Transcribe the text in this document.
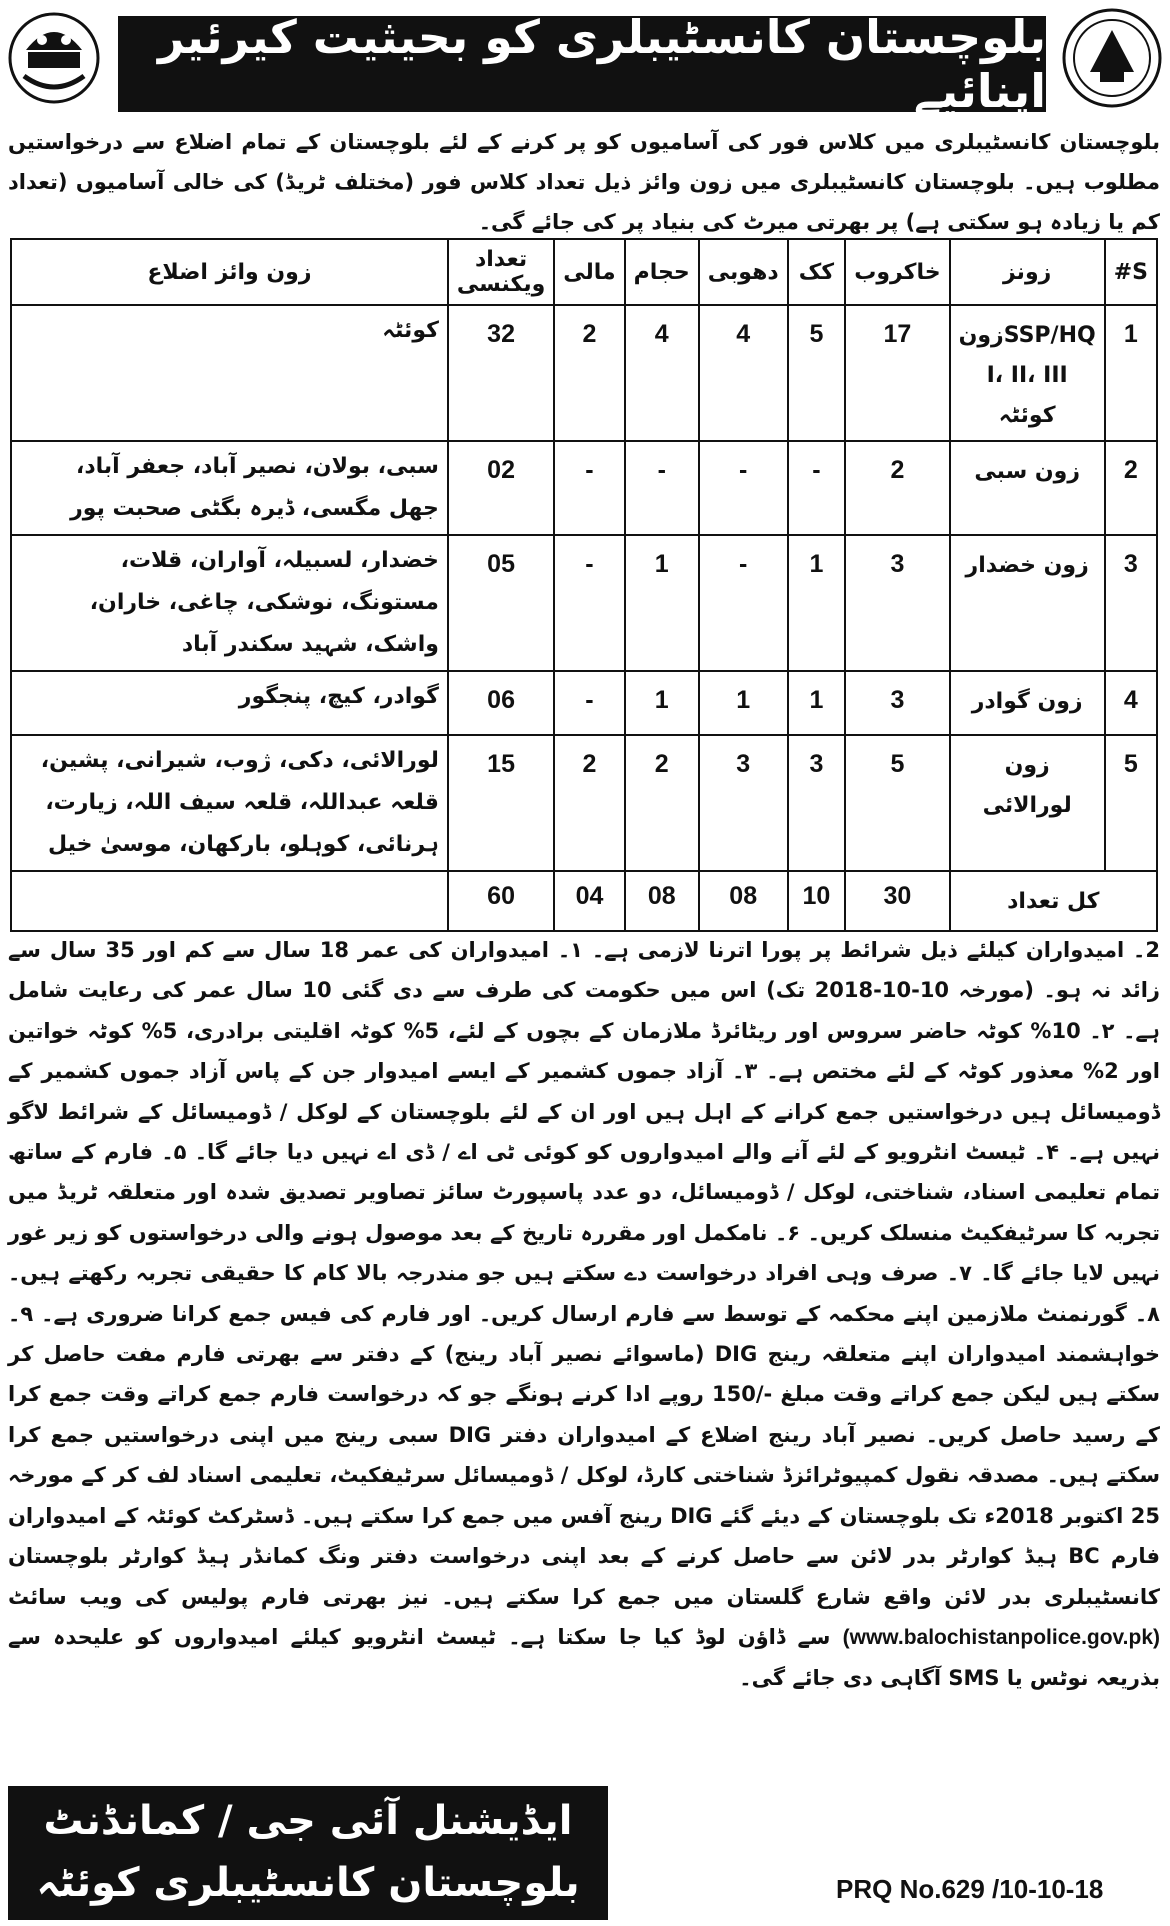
بلوچستان کانسٹیبلری کو بحیثیت کیرئیر اپنائیے
بلوچستان کانسٹیبلری میں کلاس فور کی آسامیوں کو پر کرنے کے لئے بلوچستان کے تمام اضلاع سے درخواستیں مطلوب ہیں۔ بلوچستان کانسٹیبلری میں زون وائز ذیل تعداد کلاس فور (مختلف ٹریڈ) کی خالی آسامیوں (تعداد کم یا زیادہ ہو سکتی ہے) پر بھرتی میرٹ کی بنیاد پر کی جائے گی۔
S#	زونز	خاکروب	کک	دھوبی	حجام	مالی	تعداد ویکنسی	زون وائز اضلاع
1	SSP/HQزون I، II، III کوئٹہ	17	5	4	4	2	32	کوئٹہ
2	زون سبی	2	-	-	-	-	02	سبی، بولان، نصیر آباد، جعفر آباد، جھل مگسی، ڈیرہ بگٹی صحبت پور
3	زون خضدار	3	1	-	1	-	05	خضدار، لسبیلہ، آواران، قلات، مستونگ، نوشکی، چاغی، خاران، واشک، شہید سکندر آباد
4	زون گوادر	3	1	1	1	-	06	گوادر، کیچ، پنجگور
5	زون لورالائی	5	3	3	2	2	15	لورالائی، دکی، ژوب، شیرانی، پشین، قلعہ عبداللہ، قلعہ سیف اللہ، زیارت، ہرنائی، کوہلو، بارکھان، موسیٰ خیل
کل تعداد		30	10	08	08	04	60	
2۔ امیدواران کیلئے ذیل شرائط پر پورا اترنا لازمی ہے۔ ۱۔ امیدواران کی عمر 18 سال سے کم اور 35 سال سے زائد نہ ہو۔ (مورخہ 10-10-2018 تک) اس میں حکومت کی طرف سے دی گئی 10 سال عمر کی رعایت شامل ہے۔ ۲۔ 10% کوٹہ حاضر سروس اور ریٹائرڈ ملازمان کے بچوں کے لئے، 5% کوٹہ اقلیتی برادری، 5% کوٹہ خواتین اور 2% معذور کوٹہ کے لئے مختص ہے۔ ۳۔ آزاد جموں کشمیر کے ایسے امیدوار جن کے پاس آزاد جموں کشمیر کے ڈومیسائل ہیں درخواستیں جمع کرانے کے اہل ہیں اور ان کے لئے بلوچستان کے لوکل / ڈومیسائل کے شرائط لاگو نہیں ہے۔ ۴۔ ٹیسٹ انٹرویو کے لئے آنے والے امیدواروں کو کوئی ٹی اے / ڈی اے نہیں دیا جائے گا۔ ۵۔ فارم کے ساتھ تمام تعلیمی اسناد، شناختی، لوکل / ڈومیسائل، دو عدد پاسپورٹ سائز تصاویر تصدیق شدہ اور متعلقہ ٹریڈ میں تجربہ کا سرٹیفکیٹ منسلک کریں۔ ۶۔ نامکمل اور مقررہ تاریخ کے بعد موصول ہونے والی درخواستوں کو زیر غور نہیں لایا جائے گا۔ ۷۔ صرف وہی افراد درخواست دے سکتے ہیں جو مندرجہ بالا کام کا حقیقی تجربہ رکھتے ہیں۔ ۸۔ گورنمنٹ ملازمین اپنے محکمہ کے توسط سے فارم ارسال کریں۔ اور فارم کی فیس جمع کرانا ضروری ہے۔ ۹۔ خواہشمند امیدواران اپنے متعلقہ رینج DIG (ماسوائے نصیر آباد رینج) کے دفتر سے بھرتی فارم مفت حاصل کر سکتے ہیں لیکن جمع کراتے وقت مبلغ -/150 روپے ادا کرنے ہونگے جو کہ درخواست فارم جمع کراتے وقت جمع کرا کے رسید حاصل کریں۔ نصیر آباد رینج اضلاع کے امیدواران دفتر DIG سبی رینج میں اپنی درخواستیں جمع کرا سکتے ہیں۔ مصدقہ نقول کمپیوٹرائزڈ شناختی کارڈ، لوکل / ڈومیسائل سرٹیفکیٹ، تعلیمی اسناد لف کر کے مورخہ 25 اکتوبر 2018ء تک بلوچستان کے دیئے گئے DIG رینج آفس میں جمع کرا سکتے ہیں۔ ڈسٹرکٹ کوئٹہ کے امیدواران فارم BC ہیڈ کوارٹر بدر لائن سے حاصل کرنے کے بعد اپنی درخواست دفتر ونگ کمانڈر ہیڈ کوارٹر بلوچستان کانسٹیبلری بدر لائن واقع شارع گلستان میں جمع کرا سکتے ہیں۔ نیز بھرتی فارم پولیس کی ویب سائٹ (www.balochistanpolice.gov.pk) سے ڈاؤن لوڈ کیا جا سکتا ہے۔ ٹیسٹ انٹرویو کیلئے امیدواروں کو علیحدہ سے بذریعہ نوٹس یا SMS آگاہی دی جائے گی۔
ایڈیشنل آئی جی / کمانڈنٹ
بلوچستان کانسٹیبلری کوئٹہ	PRQ No.629 /10-10-18
